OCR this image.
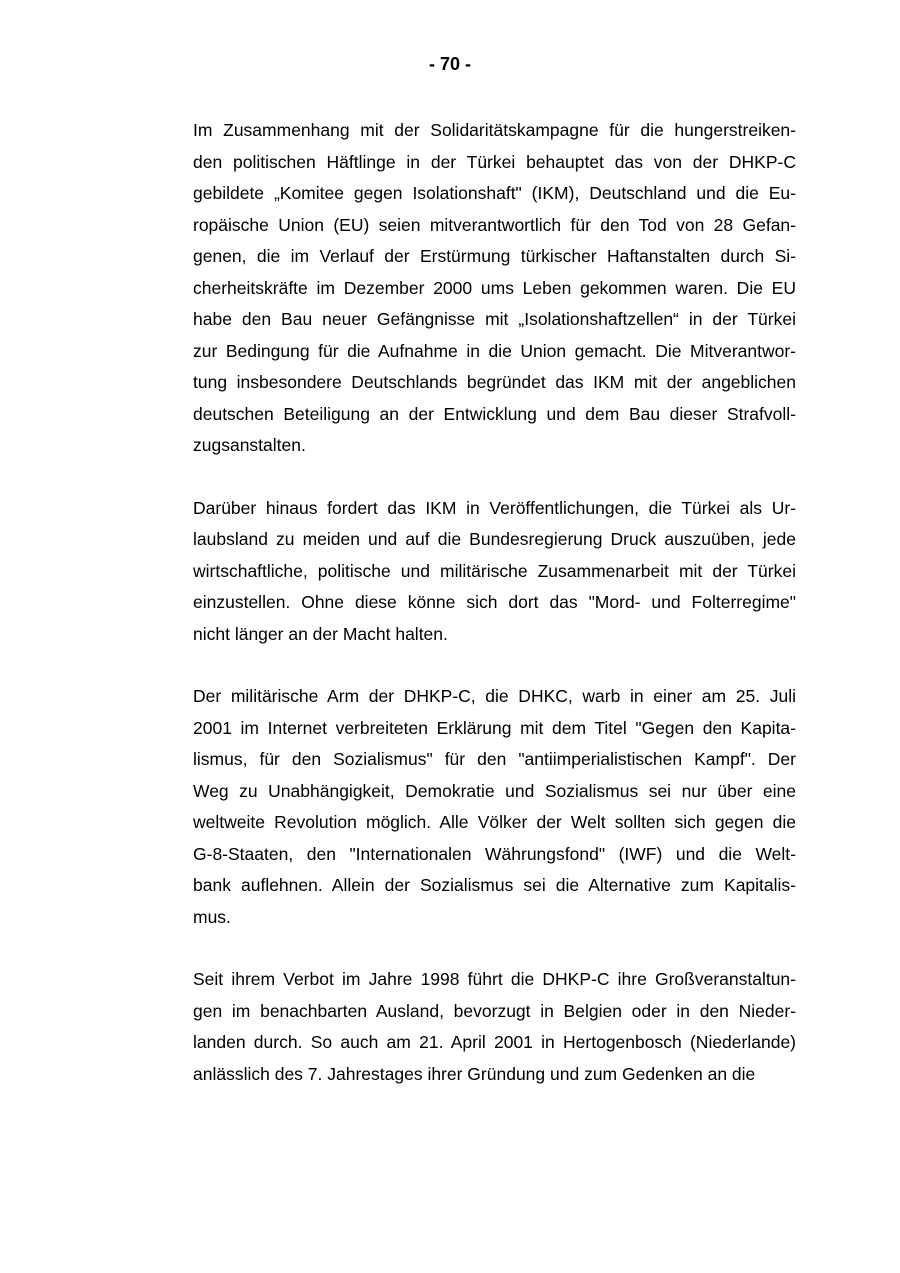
- 70 -

Im Zusammenhang mit der Solidaritätskampagne für die hungerstreiken-
den politischen Häftlinge in der Türkei behauptet das von der DHKP-C
gebildete „Komitee gegen Isolationshaft" (IKM), Deutschland und die Eu-
ropäische Union (EU) seien mitverantwortlich für den Tod von 28 Gefan-
genen, die im Verlauf der Erstürmung türkischer Haftanstalten durch Si-
cherheitskräfte im Dezember 2000 ums Leben gekommen waren. Die EU
habe den Bau neuer Gefängnisse mit „Isolationshaftzellen“ in der Türkei
zur Bedingung für die Aufnahme in die Union gemacht. Die Mitverantwor-
tung insbesondere Deutschlands begründet das IKM mit der angeblichen
deutschen Beteiligung an der Entwicklung und dem Bau dieser Strafvoll-
zugsanstalten.

Darüber hinaus fordert das IKM in Veröffentlichungen, die Türkei als Ur-
laubsland zu meiden und auf die Bundesregierung Druck auszuüben, jede
wirtschaftliche, politische und militärische Zusammenarbeit mit der Türkei
einzustellen. Ohne diese könne sich dort das "Mord- und Folterregime"
nicht länger an der Macht halten.

Der militärische Arm der DHKP-C, die DHKC, warb in einer am 25. Juli
2001 im Internet verbreiteten Erklärung mit dem Titel "Gegen den Kapita-
lismus, für den Sozialismus" für den "antiimperialistischen Kampf". Der
Weg zu Unabhängigkeit, Demokratie und Sozialismus sei nur über eine
weltweite Revolution möglich. Alle Völker der Welt sollten sich gegen die
G-8-Staaten, den "Internationalen Währungsfond" (IWF) und die Welt-
bank auflehnen. Allein der Sozialismus sei die Alternative zum Kapitalis-
mus.

Seit ihrem Verbot im Jahre 1998 führt die DHKP-C ihre Großveranstaltun-
gen im benachbarten Ausland, bevorzugt in Belgien oder in den Nieder-
landen durch. So auch am 21. April 2001 in Hertogenbosch (Niederlande)
anlässlich des 7. Jahrestages ihrer Gründung und zum Gedenken an die
